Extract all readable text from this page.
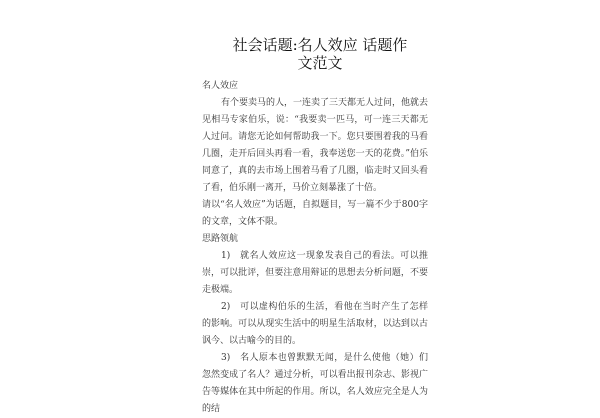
社会话题:名人效应 话题作
文范文

名人效应

有个要卖马的人，一连卖了三天都无人过问，他就去见相马专家伯乐，说：“我要卖一匹马，可一连三天都无人过问。请您无论如何帮助我一下。您只要围着我的马看几圈，走开后回头再看一看，我奉送您一天的花费。”伯乐同意了，真的去市场上围着马看了几圈，临走时又回头看了看，伯乐刚一离开，马价立刻暴涨了十倍。

请以“名人效应”为话题，自拟题目，写一篇不少于800字的文章，文体不限。

思路领航

1)　就名人效应这一现象发表自己的看法。可以推崇，可以批评，但要注意用辩证的思想去分析问题，不要走极端。

2)　可以虚构伯乐的生活，看他在当时产生了怎样的影响。可以从现实生活中的明星生活取材，以达到以古讽今、以古喻今的目的。

3)　名人原本也曾默默无闻，是什么使他（她）们忽然变成了名人？通过分析，可以看出报刊杂志、影视广告等媒体在其中所起的作用。所以，名人效应完全是人为的结
